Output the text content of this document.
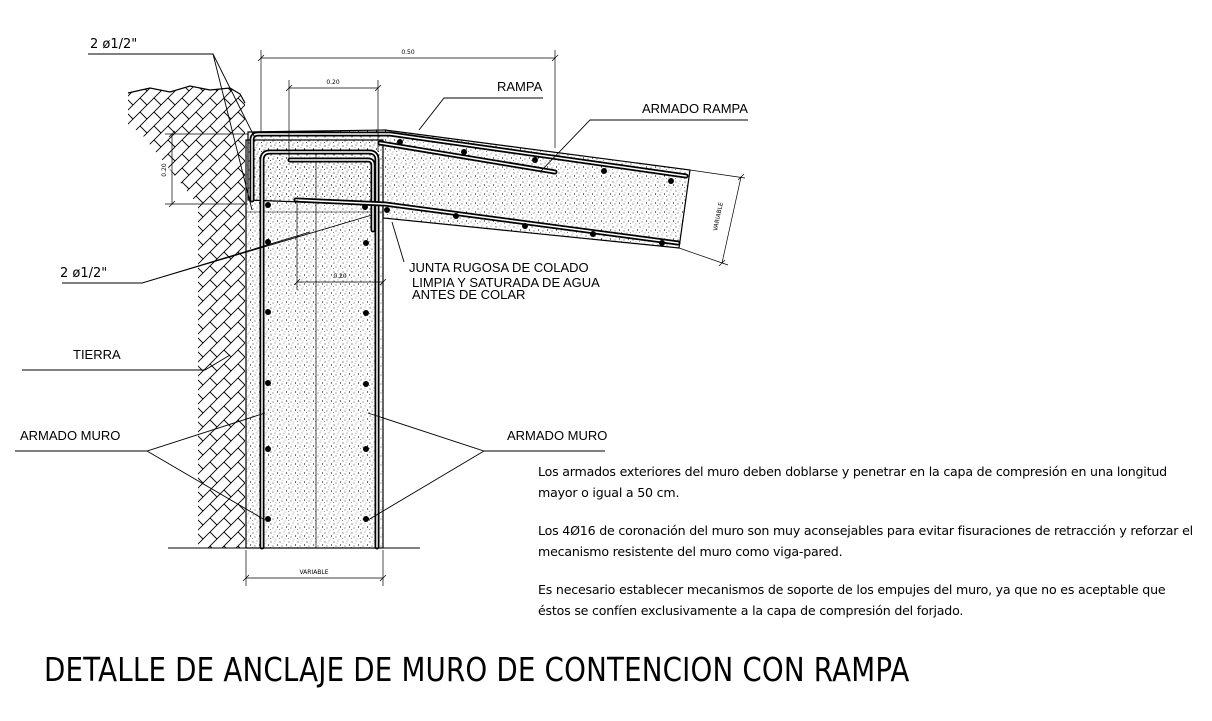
0.50
0.20
0.20
0.20
VARIABLE
VARIABLE
2 ø1/2"
2 ø1/2"
RAMPA
ARMADO RAMPA
JUNTA RUGOSA DE COLADO
LIMPIA Y SATURADA DE AGUA
ANTES DE COLAR
TIERRA
ARMADO MURO	ARMADO MURO

Los armados exteriores del muro deben doblarse y penetrar en la capa de compresión en una longitud mayor o igual a 50 cm.

Los 4Ø16 de coronación del muro son muy aconsejables para evitar fisuraciones de retracción y reforzar el mecanismo resistente del muro como viga-pared.

Es necesario establecer mecanismos de soporte de los empujes del muro, ya que no es aceptable que éstos se confíen exclusivamente a la capa de compresión del forjado.

DETALLE DE ANCLAJE DE MURO DE CONTENCION CON RAMPA
